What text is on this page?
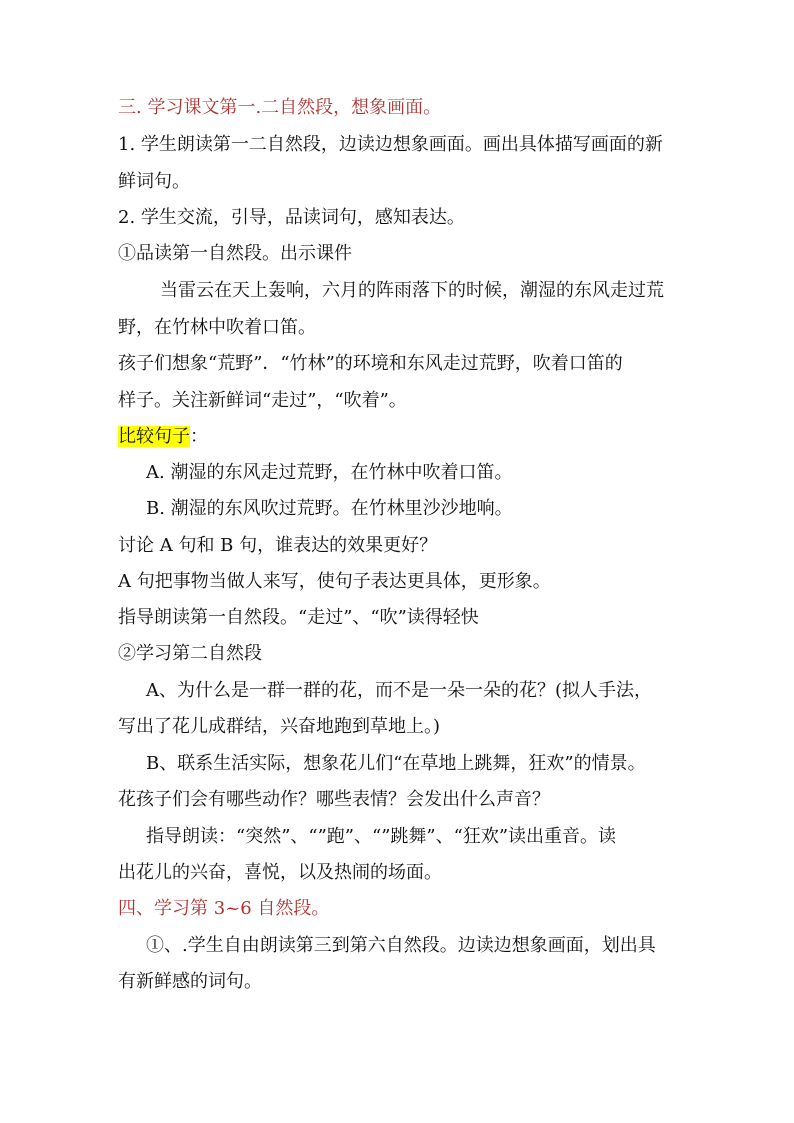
三. 学习课文第一.二自然段，想象画面。
1. 学生朗读第一二自然段，边读边想象画面。画出具体描写画面的新
鲜词句。
2. 学生交流，引导，品读词句，感知表达。
①品读第一自然段。出示课件
当雷云在天上轰响，六月的阵雨落下的时候，潮湿的东风走过荒
野，在竹林中吹着口笛。
孩子们想象“荒野”．“竹林”的环境和东风走过荒野，吹着口笛的
样子。关注新鲜词“走过”，“吹着”。
比较句子：
A. 潮湿的东风走过荒野，在竹林中吹着口笛。
B. 潮湿的东风吹过荒野。在竹林里沙沙地响。
讨论 A 句和 B 句，谁表达的效果更好？
A 句把事物当做人来写，使句子表达更具体，更形象。
指导朗读第一自然段。“走过”、“吹”读得轻快
②学习第二自然段
A、为什么是一群一群的花，而不是一朵一朵的花？(拟人手法，
写出了花儿成群结，兴奋地跑到草地上。)
B、联系生活实际，想象花儿们“在草地上跳舞，狂欢”的情景。
花孩子们会有哪些动作？哪些表情？会发出什么声音？
指导朗读：“突然”、“”跑”、“”跳舞”、“狂欢”读出重音。读
出花儿的兴奋，喜悦，以及热闹的场面。
四、学习第 3~6 自然段。
①、.学生自由朗读第三到第六自然段。边读边想象画面，划出具
有新鲜感的词句。
